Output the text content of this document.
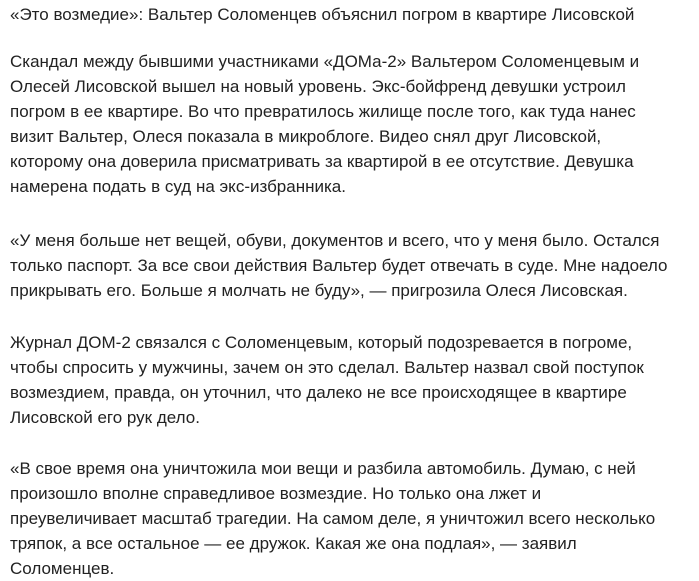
«Это возмедие»: Вальтер Соломенцев объяснил погром в квартире Лисовской

Скандал между бывшими участниками «ДОМа-2» Вальтером Соломенцевым и
Олесей Лисовской вышел на новый уровень. Экс-бойфренд девушки устроил
погром в ее квартире. Во что превратилось жилище после того, как туда нанес
визит Вальтер, Олеся показала в микроблоге. Видео снял друг Лисовской,
которому она доверила присматривать за квартирой в ее отсутствие. Девушка
намерена подать в суд на экс-избранника.

«У меня больше нет вещей, обуви, документов и всего, что у меня было. Остался
только паспорт. За все свои действия Вальтер будет отвечать в суде. Мне надоело
прикрывать его. Больше я молчать не буду», — пригрозила Олеся Лисовская.

Журнал ДОМ-2 связался с Соломенцевым, который подозревается в погроме,
чтобы спросить у мужчины, зачем он это сделал. Вальтер назвал свой поступок
возмездием, правда, он уточнил, что далеко не все происходящее в квартире
Лисовской его рук дело.

«В свое время она уничтожила мои вещи и разбила автомобиль. Думаю, с ней
произошло вполне справедливое возмездие. Но только она лжет и
преувеличивает масштаб трагедии. На самом деле, я уничтожил всего несколько
тряпок, а все остальное — ее дружок. Какая же она подлая», — заявил
Соломенцев.
